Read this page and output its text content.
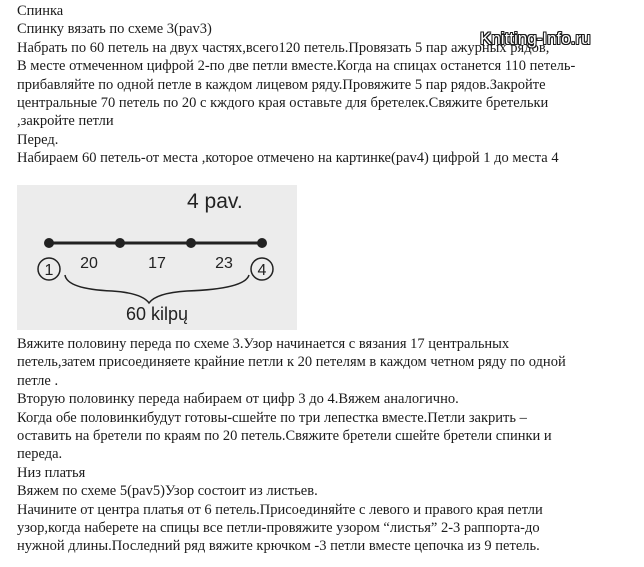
Спинка
Спинку вязать по схеме 3(pav3)
Набрать по 60 петель на двух частях,всего120 петель.Провязать 5 пар ажурных рядов,
В месте отмеченном цифрой 2-по две петли вместе.Когда на спицах останется 110 петель-
прибавляйте по одной петле в каждом лицевом ряду.Провяжите 5 пар рядов.Закройте
центральные 70 петель по 20 с кждого края оставьте для бретелек.Свяжите бретельки
,закройте петли
Перед.
Набираем 60 петель-от места ,которое отмечено на картинке(pav4) цифрой 1 до места 4
Knitting-Info.ru
4 pav.
1	4
20	17	23
60 kilpų
Вяжите половину переда по схеме 3.Узор начинается с вязания 17 центральных
петель,затем присоединяете крайние петли к 20 петелям в каждом четном ряду по одной
петле .
Вторую половинку переда набираем от цифр 3 до 4.Вяжем аналогично.
Когда обе половинкибудут готовы-сшейте по три лепестка вместе.Петли закрить –
оставить на бретели по краям по 20 петель.Свяжите бретели сшейте бретели спинки и
переда.
Низ платья
Вяжем по схеме 5(pav5)Узор состоит из листьев.
Начините от центра платья от 6 петель.Присоединяйте с левого и правого края петли
узор,когда наберете на спицы все петли-провяжите узором “листья” 2-3 раппорта-до
нужной длины.Последний ряд вяжите крючком -3 петли вместе цепочка из 9 петель.
